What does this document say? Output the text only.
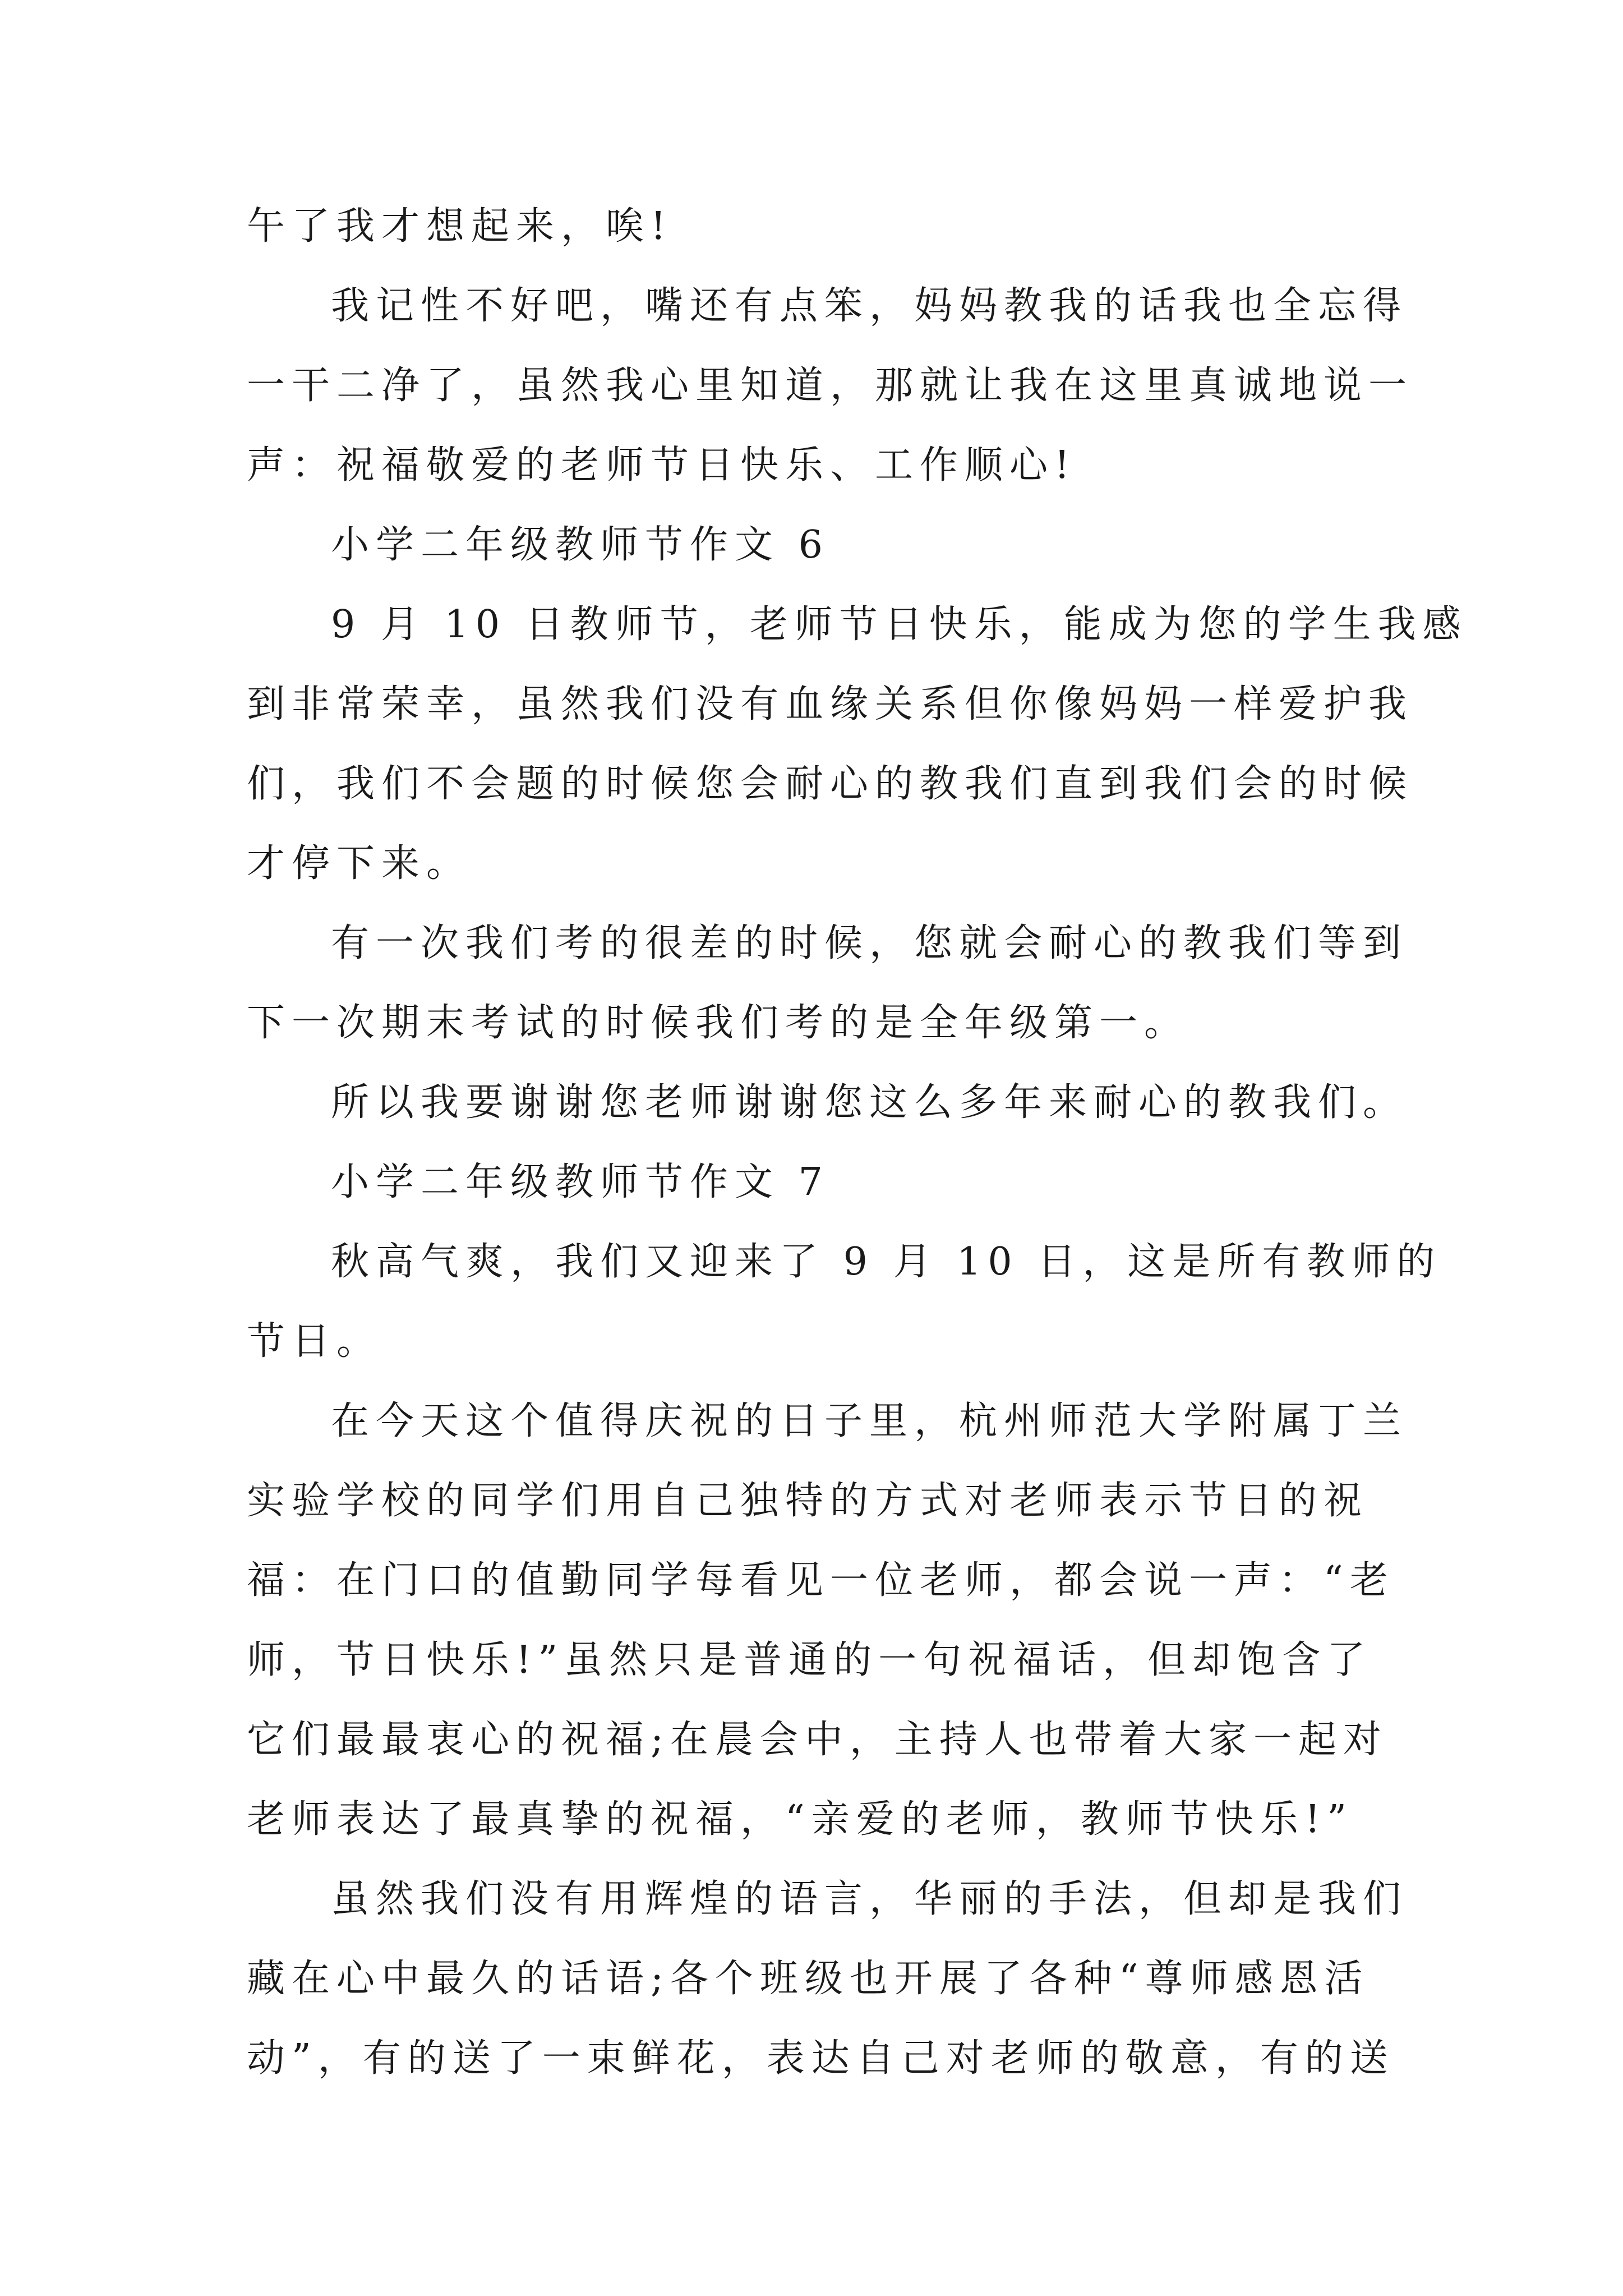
午了我才想起来，唉!
我记性不好吧，嘴还有点笨，妈妈教我的话我也全忘得
一干二净了，虽然我心里知道，那就让我在这里真诚地说一
声：祝福敬爱的老师节日快乐、工作顺心!
小学二年级教师节作文 6
9 月 10 日教师节，老师节日快乐，能成为您的学生我感
到非常荣幸，虽然我们没有血缘关系但你像妈妈一样爱护我
们，我们不会题的时候您会耐心的教我们直到我们会的时候
才停下来。
有一次我们考的很差的时候，您就会耐心的教我们等到
下一次期末考试的时候我们考的是全年级第一。
所以我要谢谢您老师谢谢您这么多年来耐心的教我们。
小学二年级教师节作文 7
秋高气爽，我们又迎来了 9 月 10 日，这是所有教师的
节日。
在今天这个值得庆祝的日子里，杭州师范大学附属丁兰
实验学校的同学们用自己独特的方式对老师表示节日的祝
福：在门口的值勤同学每看见一位老师，都会说一声：“老
师，节日快乐!”虽然只是普通的一句祝福话，但却饱含了
它们最最衷心的祝福;在晨会中，主持人也带着大家一起对
老师表达了最真挚的祝福，“亲爱的老师，教师节快乐!”
虽然我们没有用辉煌的语言，华丽的手法，但却是我们
藏在心中最久的话语;各个班级也开展了各种“尊师感恩活
动”，有的送了一束鲜花，表达自己对老师的敬意，有的送
